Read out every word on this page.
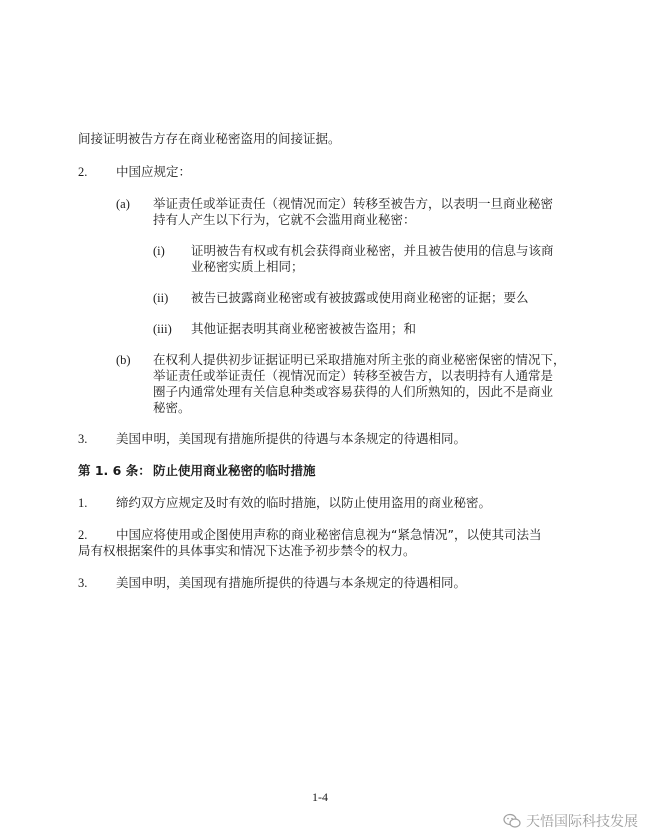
间接证明被告方存在商业秘密盗用的间接证据。
2. 中国应规定：
(a) 举证责任或举证责任（视情况而定）转移至被告方，以表明一旦商业秘密
持有人产生以下行为，它就不会滥用商业秘密：
(i) 证明被告有权或有机会获得商业秘密，并且被告使用的信息与该商
业秘密实质上相同；
(ii) 被告已披露商业秘密或有被披露或使用商业秘密的证据；要么
(iii) 其他证据表明其商业秘密被被告盗用；和
(b) 在权利人提供初步证据证明已采取措施对所主张的商业秘密保密的情况下，
举证责任或举证责任（视情况而定）转移至被告方，以表明持有人通常是
圈子内通常处理有关信息种类或容易获得的人们所熟知的，因此不是商业
秘密。
3. 美国申明，美国现有措施所提供的待遇与本条规定的待遇相同。
第 1. 6 条： 防止使用商业秘密的临时措施
1. 缔约双方应规定及时有效的临时措施，以防止使用盗用的商业秘密。
2. 中国应将使用或企图使用声称的商业秘密信息视为“紧急情况”，以使其司法当
局有权根据案件的具体事实和情况下达准予初步禁令的权力。
3. 美国申明，美国现有措施所提供的待遇与本条规定的待遇相同。
1-4
天悟国际科技发展
